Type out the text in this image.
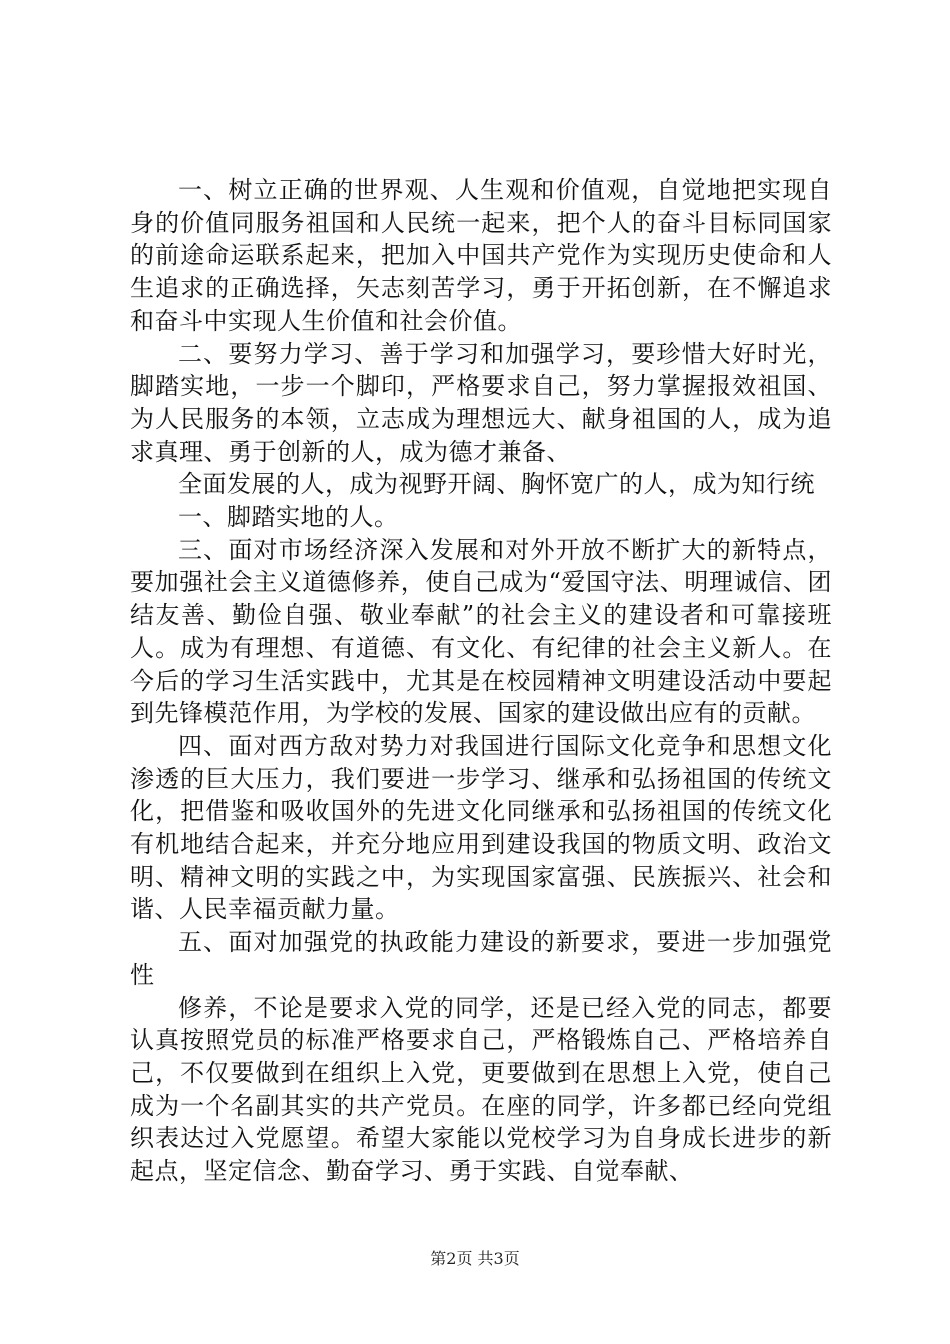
一、树立正确的世界观、人生观和价值观，自觉地把实现自身的价值同服务祖国和人民统一起来，把个人的奋斗目标同国家的前途命运联系起来，把加入中国共产党作为实现历史使命和人生追求的正确选择，矢志刻苦学习，勇于开拓创新，在不懈追求和奋斗中实现人生价值和社会价值。

二、要努力学习、善于学习和加强学习，要珍惜大好时光，脚踏实地，一步一个脚印，严格要求自己，努力掌握报效祖国、为人民服务的本领，立志成为理想远大、献身祖国的人，成为追求真理、勇于创新的人，成为德才兼备、

全面发展的人，成为视野开阔、胸怀宽广的人，成为知行统

一、脚踏实地的人。

三、面对市场经济深入发展和对外开放不断扩大的新特点，要加强社会主义道德修养，使自己成为“爱国守法、明理诚信、团结友善、勤俭自强、敬业奉献”的社会主义的建设者和可靠接班人。成为有理想、有道德、有文化、有纪律的社会主义新人。在今后的学习生活实践中，尤其是在校园精神文明建设活动中要起到先锋模范作用，为学校的发展、国家的建设做出应有的贡献。

四、面对西方敌对势力对我国进行国际文化竞争和思想文化渗透的巨大压力，我们要进一步学习、继承和弘扬祖国的传统文化，把借鉴和吸收国外的先进文化同继承和弘扬祖国的传统文化有机地结合起来，并充分地应用到建设我国的物质文明、政治文明、精神文明的实践之中，为实现国家富强、民族振兴、社会和谐、人民幸福贡献力量。

五、面对加强党的执政能力建设的新要求，要进一步加强党性

修养，不论是要求入党的同学，还是已经入党的同志，都要认真按照党员的标准严格要求自己，严格锻炼自己、严格培养自己，不仅要做到在组织上入党，更要做到在思想上入党，使自己成为一个名副其实的共产党员。在座的同学，许多都已经向党组织表达过入党愿望。希望大家能以党校学习为自身成长进步的新起点，坚定信念、勤奋学习、勇于实践、自觉奉献、

第2页 共3页
